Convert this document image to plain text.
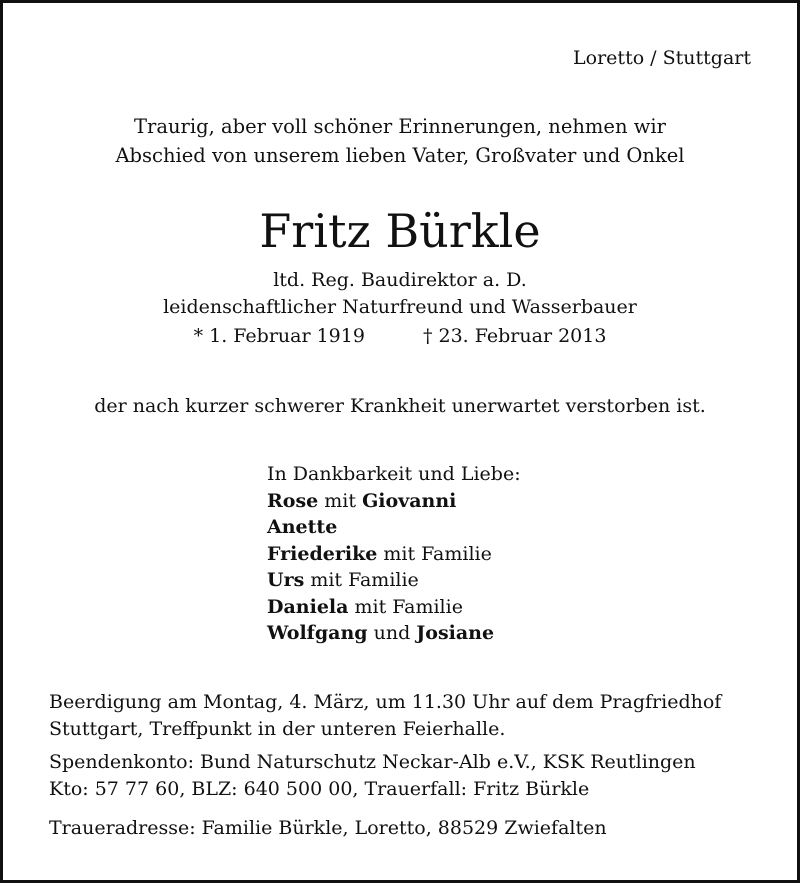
Loretto / Stuttgart

Traurig, aber voll schöner Erinnerungen, nehmen wir
Abschied von unserem lieben Vater, Großvater und Onkel
Fritz Bürkle
ltd. Reg. Baudirektor a. D.
leidenschaftlicher Naturfreund und Wasserbauer

* 1. Februar 1919	† 23. Februar 2013

der nach kurzer schwerer Krankheit unerwartet verstorben ist.

In Dankbarkeit und Liebe:
Rose mit Giovanni
Anette
Friederike mit Familie
Urs mit Familie
Daniela mit Familie
Wolfgang und Josiane
Beerdigung am Montag, 4. März, um 11.30 Uhr auf dem Pragfriedhof
Stuttgart, Treffpunkt in der unteren Feierhalle.
Spendenkonto: Bund Naturschutz Neckar-Alb e.V., KSK Reutlingen
Kto: 57 77 60, BLZ: 640 500 00, Trauerfall: Fritz Bürkle

Traueradresse: Familie Bürkle, Loretto, 88529 Zwiefalten
